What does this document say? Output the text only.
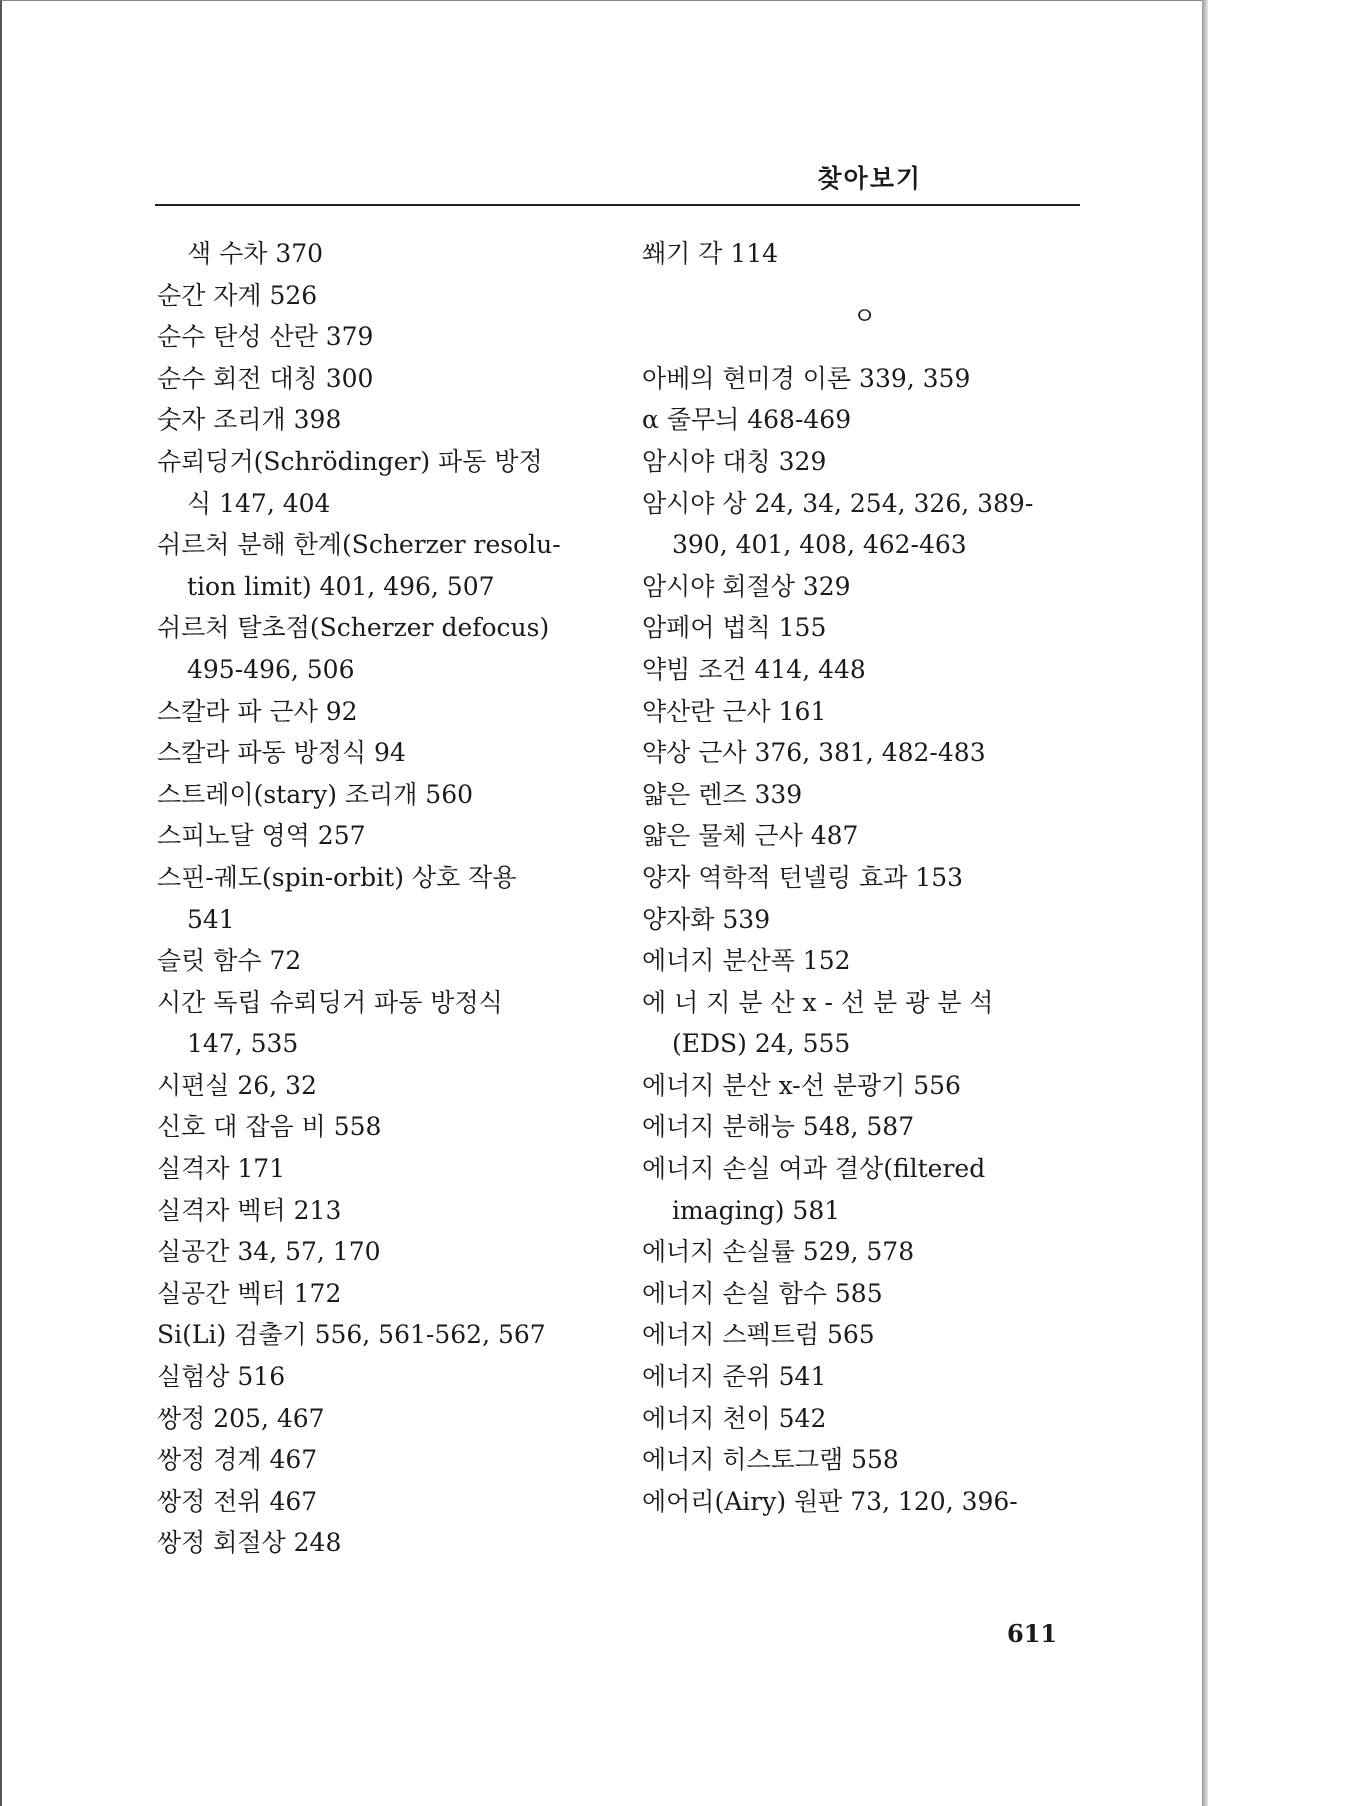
찾아보기
색 수차 370
순간 자계 526
순수 탄성 산란 379
순수 회전 대칭 300
숫자 조리개 398
슈뢰딩거(Schrödinger) 파동 방정
식 147, 404
쉬르처 분해 한계(Scherzer resolu-
tion limit) 401, 496, 507
쉬르처 탈초점(Scherzer defocus)
495-496, 506
스칼라 파 근사 92
스칼라 파동 방정식 94
스트레이(stary) 조리개 560
스피노달 영역 257
스핀-궤도(spin-orbit) 상호 작용
541
슬릿 함수 72
시간 독립 슈뢰딩거 파동 방정식
147, 535
시편실 26, 32
신호 대 잡음 비 558
실격자 171
실격자 벡터 213
실공간 34, 57, 170
실공간 벡터 172
Si(Li) 검출기 556, 561-562, 567
실험상 516
쌍정 205, 467
쌍정 경계 467
쌍정 전위 467
쌍정 회절상 248
쐐기 각 114
ㅇ
아베의 현미경 이론 339, 359
α 줄무늬 468-469
암시야 대칭 329
암시야 상 24, 34, 254, 326, 389-
390, 401, 408, 462-463
암시야 회절상 329
암페어 법칙 155
약빔 조건 414, 448
약산란 근사 161
약상 근사 376, 381, 482-483
얇은 렌즈 339
얇은 물체 근사 487
양자 역학적 턴넬링 효과 153
양자화 539
에너지 분산폭 152
에 너 지 분 산 x - 선 분 광 분 석
(EDS) 24, 555
에너지 분산 x-선 분광기 556
에너지 분해능 548, 587
에너지 손실 여과 결상(filtered
imaging) 581
에너지 손실률 529, 578
에너지 손실 함수 585
에너지 스펙트럼 565
에너지 준위 541
에너지 천이 542
에너지 히스토그램 558
에어리(Airy) 원판 73, 120, 396-
611
